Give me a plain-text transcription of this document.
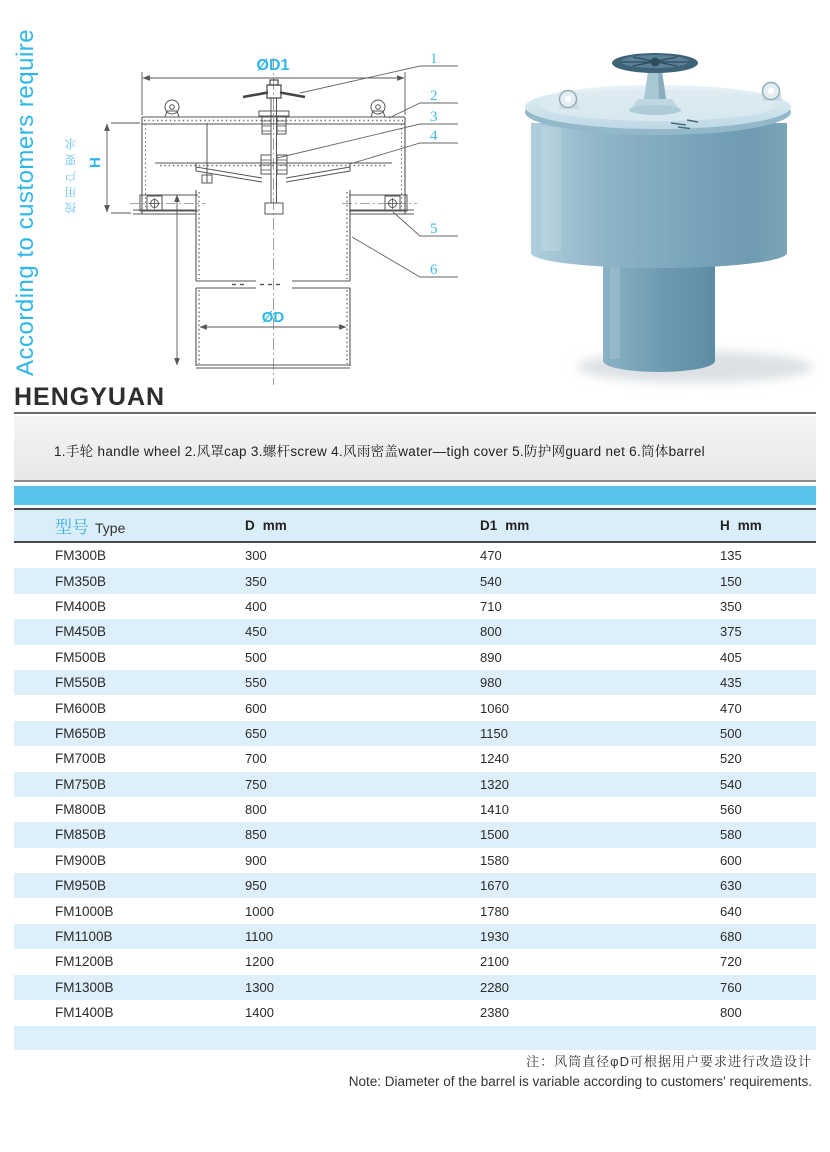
According to customers require 按用户要求
1
2
3
4
5
6
ØD1
H
ØD
HENGYUAN
1.手轮 handle wheel 2.风罩cap 3.螺杆screw 4.风雨密盖water—tigh cover 5.防护网guard net 6.筒体barrel
型号 Type	D mm	D1 mm	H mm
FM300B	300	470	135
FM350B	350	540	150
FM400B	400	710	350
FM450B	450	800	375
FM500B	500	890	405
FM550B	550	980	435
FM600B	600	1060	470
FM650B	650	1150	500
FM700B	700	1240	520
FM750B	750	1320	540
FM800B	800	1410	560
FM850B	850	1500	580
FM900B	900	1580	600
FM950B	950	1670	630
FM1000B	1000	1780	640
FM1100B	1100	1930	680
FM1200B	1200	2100	720
FM1300B	1300	2280	760
FM1400B	1400	2380	800
注：风筒直径φD可根据用户要求进行改造设计
Note: Diameter of the barrel is variable according to customers' requirements.
